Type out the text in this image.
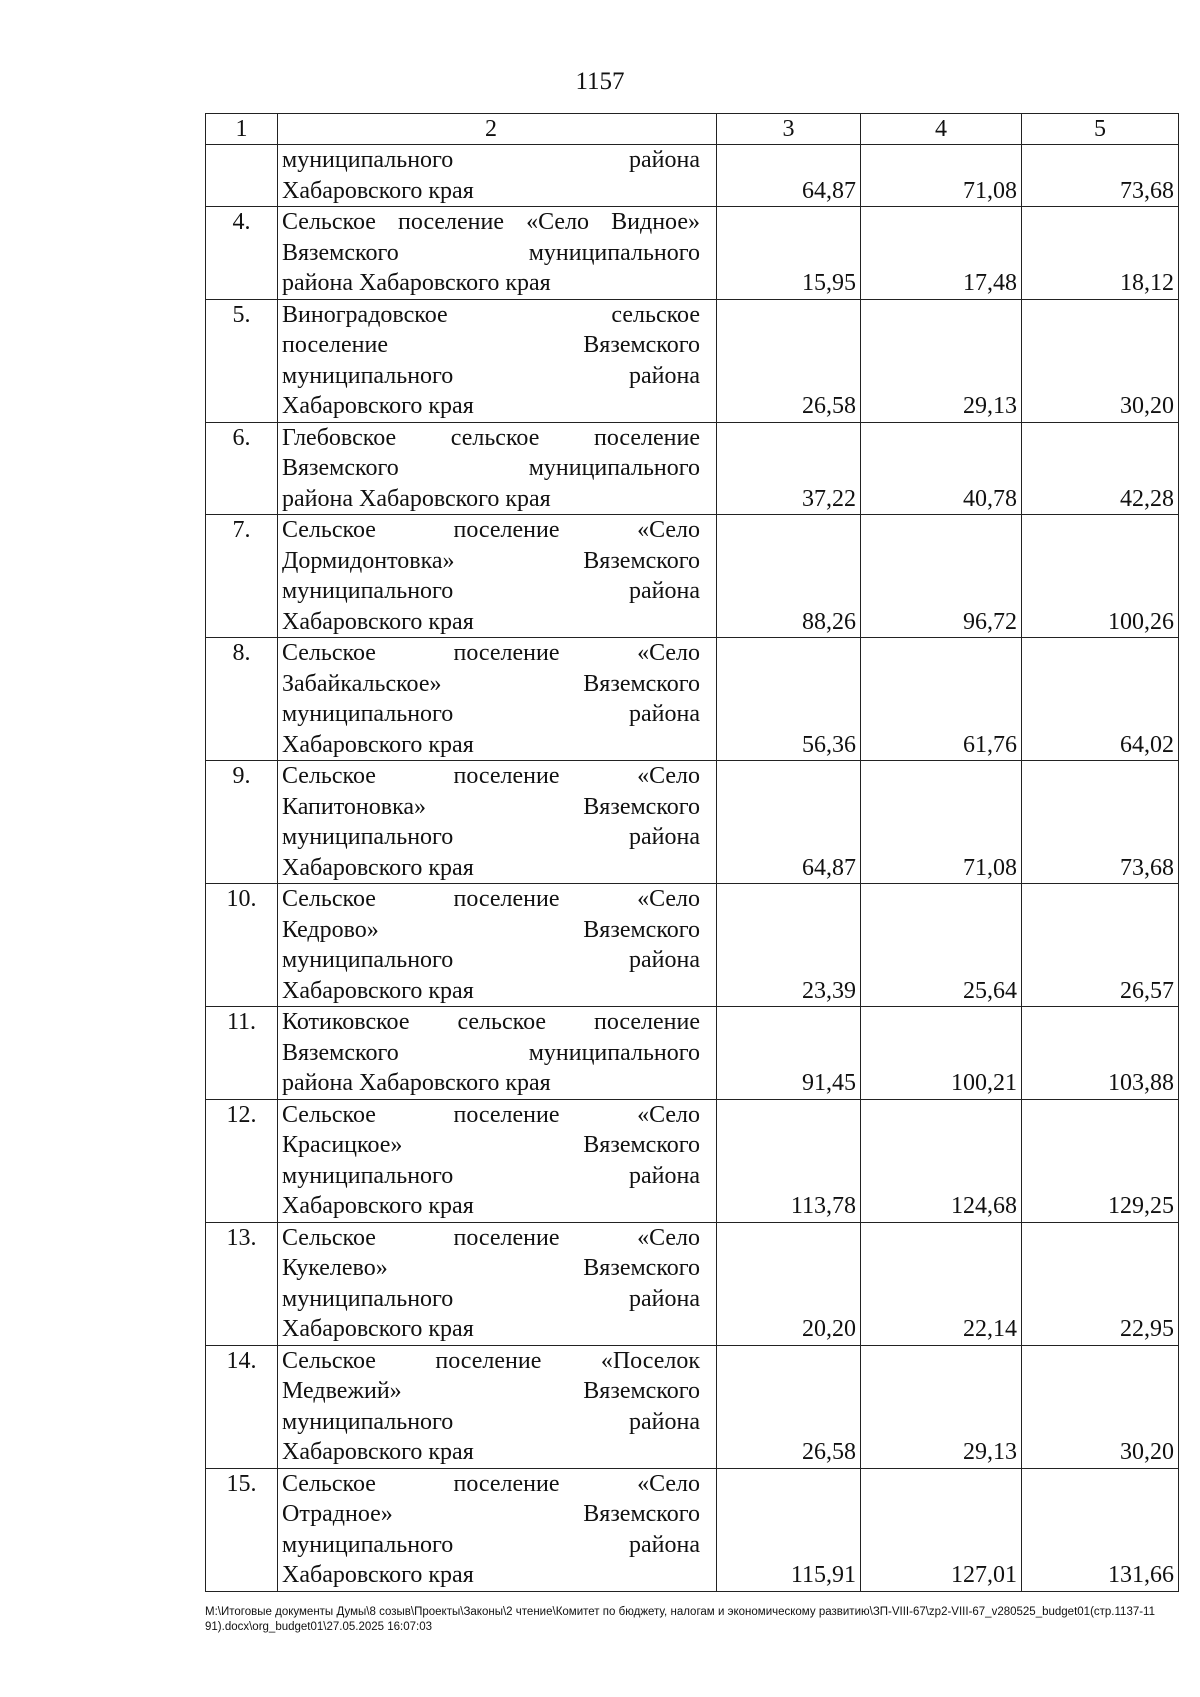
1157
1	2	3	4	5

	муниципального района
Хабаровского края	64,87	71,08	73,68
4.	Сельское поселение «Село Видное»
Вяземского муниципального
района Хабаровского края	15,95	17,48	18,12
5.	Виноградовское сельское
поселение Вяземского
муниципального района
Хабаровского края	26,58	29,13	30,20
6.	Глебовское сельское поселение
Вяземского муниципального
района Хабаровского края	37,22	40,78	42,28
7.	Сельское поселение «Село
Дормидонтовка» Вяземского
муниципального района
Хабаровского края	88,26	96,72	100,26
8.	Сельское поселение «Село
Забайкальское» Вяземского
муниципального района
Хабаровского края	56,36	61,76	64,02
9.	Сельское поселение «Село
Капитоновка» Вяземского
муниципального района
Хабаровского края	64,87	71,08	73,68
10.	Сельское поселение «Село
Кедрово» Вяземского
муниципального района
Хабаровского края	23,39	25,64	26,57
11.	Котиковское сельское поселение
Вяземского муниципального
района Хабаровского края	91,45	100,21	103,88
12.	Сельское поселение «Село
Красицкое» Вяземского
муниципального района
Хабаровского края	113,78	124,68	129,25
13.	Сельское поселение «Село
Кукелево» Вяземского
муниципального района
Хабаровского края	20,20	22,14	22,95
14.	Сельское поселение «Поселок
Медвежий» Вяземского
муниципального района
Хабаровского края	26,58	29,13	30,20
15.	Сельское поселение «Село
Отрадное» Вяземского
муниципального района
Хабаровского края	115,91	127,01	131,66
M:\Итоговые документы Думы\8 созыв\Проекты\Законы\2 чтение\Комитет по бюджету, налогам и экономическому развитию\ЗП-VIII-67\zp2-VIII-67_v280525_budget01(стр.1137-1191).docx\org_budget01\27.05.2025 16:07:03
